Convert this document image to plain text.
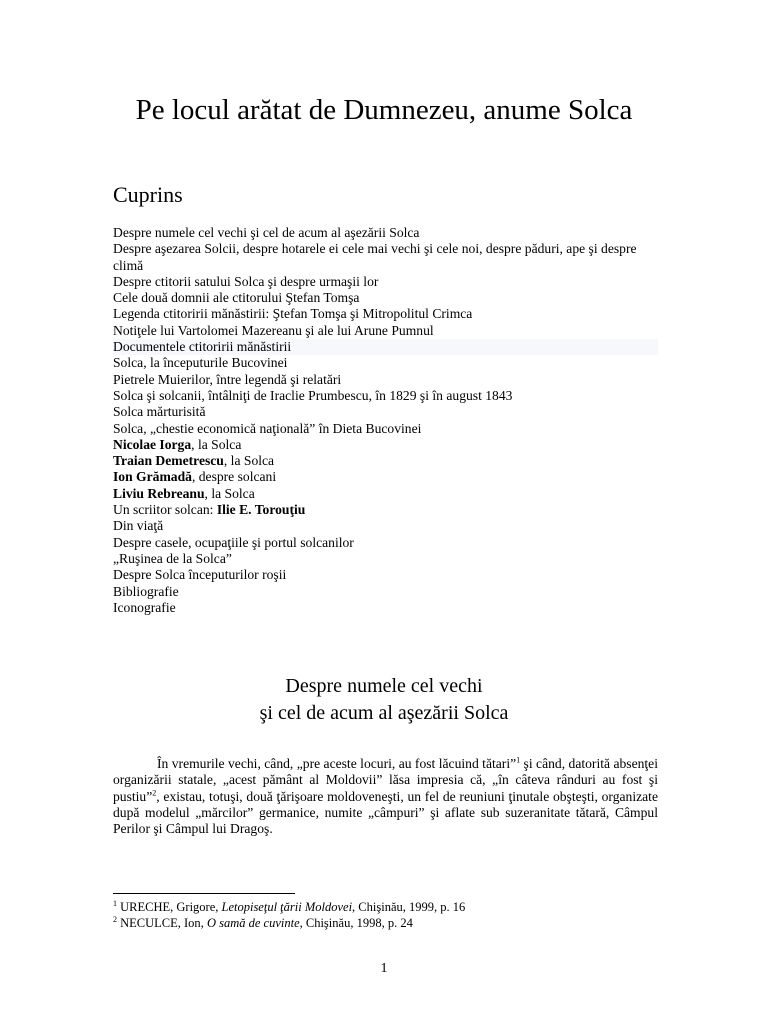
Pe locul arătat de Dumnezeu, anume Solca
Cuprins
Despre numele cel vechi şi cel de acum al aşezării Solca
Despre aşezarea Solcii, despre hotarele ei cele mai vechi şi cele noi, despre păduri, ape şi despre climă
Despre ctitorii satului Solca şi despre urmaşii lor
Cele două domnii ale ctitorului Ştefan Tomşa
Legenda ctitoririi mănăstirii: Ştefan Tomşa şi Mitropolitul Crimca
Notiţele lui Vartolomei Mazereanu şi ale lui Arune Pumnul
Documentele ctitoririi mănăstirii
Solca, la începuturile Bucovinei
Pietrele Muierilor, între legendă şi relatări
Solca şi solcanii, întâlniţi de Iraclie Prumbescu, în 1829 şi în august 1843
Solca mărturisită
Solca, „chestie economică naţională” în Dieta Bucovinei
Nicolae Iorga, la Solca
Traian Demetrescu, la Solca
Ion Grămadă, despre solcani
Liviu Rebreanu, la Solca
Un scriitor solcan: Ilie E. Torouţiu
Din viaţă
Despre casele, ocupaţiile şi portul solcanilor
„Ruşinea de la Solca”
Despre Solca începuturilor roşii
Bibliografie
Iconografie
Despre numele cel vechi
şi cel de acum al aşezării Solca

În vremurile vechi, când, „pre aceste locuri, au fost lăcuind tătari”$^1$ şi când, datorită absenţei organizării statale, „acest pământ al Moldovii” lăsa impresia că, „în câteva rânduri au fost şi pustiu”$^2$, existau, totuşi, două ţărişoare moldoveneşti, un fel de reuniuni ţinutale obşteşti, organizate după modelul „mărcilor” germanice, numite „câmpuri” şi aflate sub suzeranitate tătară, Câmpul Perilor şi Câmpul lui Dragoş.

$^1$ URECHE, Grigore, Letopiseţul ţării Moldovei, Chişinău, 1999, p. 16
$^2$ NECULCE, Ion, O samă de cuvinte, Chişinău, 1998, p. 24
1
